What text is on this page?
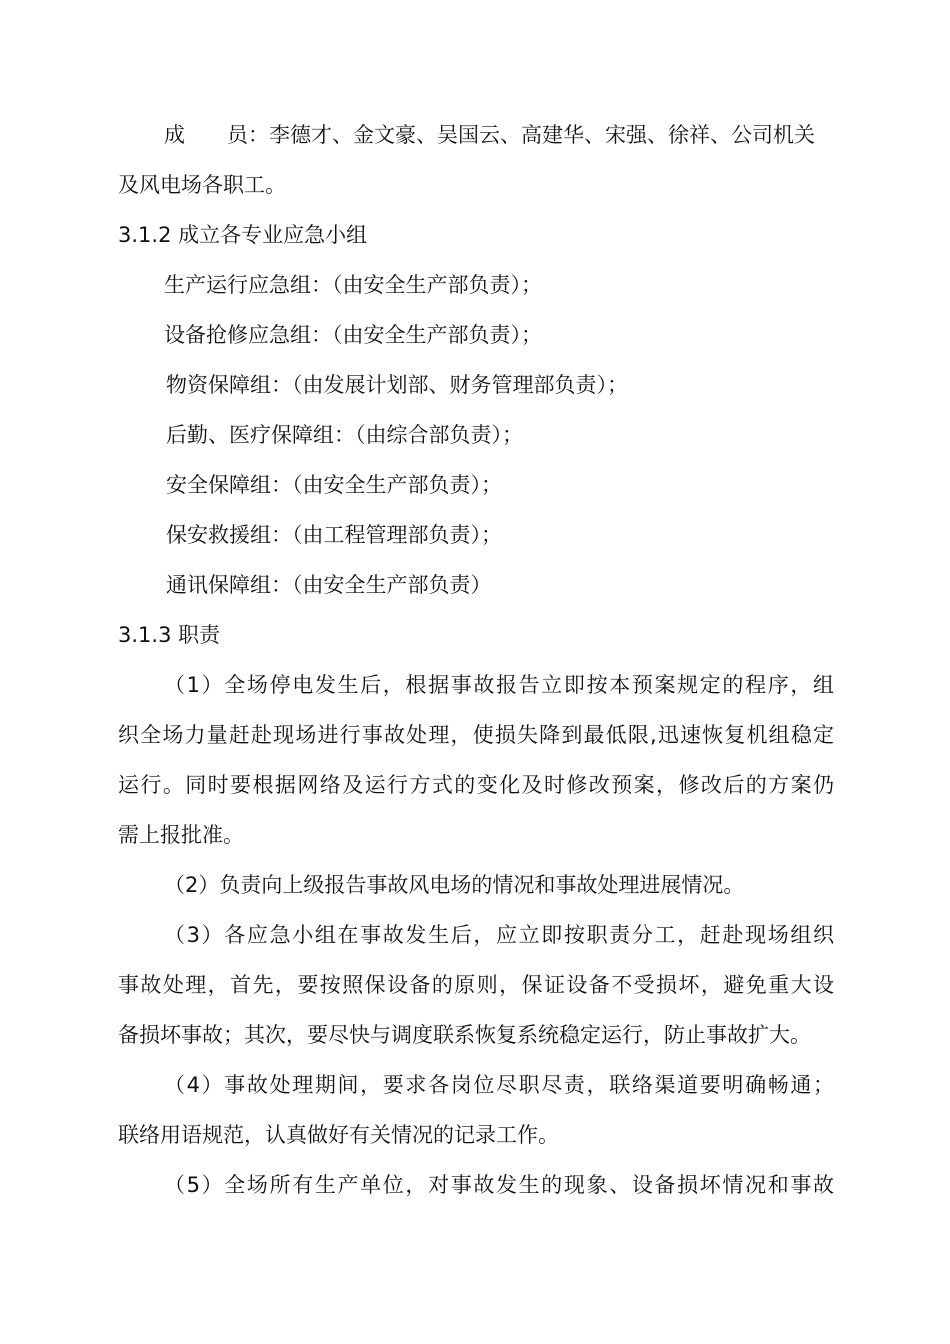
成 员：李德才、金文豪、吴国云、高建华、宋强、徐祥、公司机关
及风电场各职工。
3.1.2 成立各专业应急小组
生产运行应急组：（由安全生产部负责）；
设备抢修应急组：（由安全生产部负责）；
物资保障组：（由发展计划部、财务管理部负责）；
后勤、医疗保障组：（由综合部负责）；
安全保障组：（由安全生产部负责）；
保安救援组：（由工程管理部负责）；
通讯保障组：（由安全生产部负责）
3.1.3 职责
（1）全场停电发生后，根据事故报告立即按本预案规定的程序，组
织全场力量赶赴现场进行事故处理，使损失降到最低限,迅速恢复机组稳定
运行。同时要根据网络及运行方式的变化及时修改预案，修改后的方案仍
需上报批准。
（2）负责向上级报告事故风电场的情况和事故处理进展情况。
（3）各应急小组在事故发生后，应立即按职责分工，赶赴现场组织
事故处理，首先，要按照保设备的原则，保证设备不受损坏，避免重大设
备损坏事故；其次，要尽快与调度联系恢复系统稳定运行，防止事故扩大。
（4）事故处理期间，要求各岗位尽职尽责，联络渠道要明确畅通；
联络用语规范，认真做好有关情况的记录工作。
（5）全场所有生产单位，对事故发生的现象、设备损坏情况和事故
